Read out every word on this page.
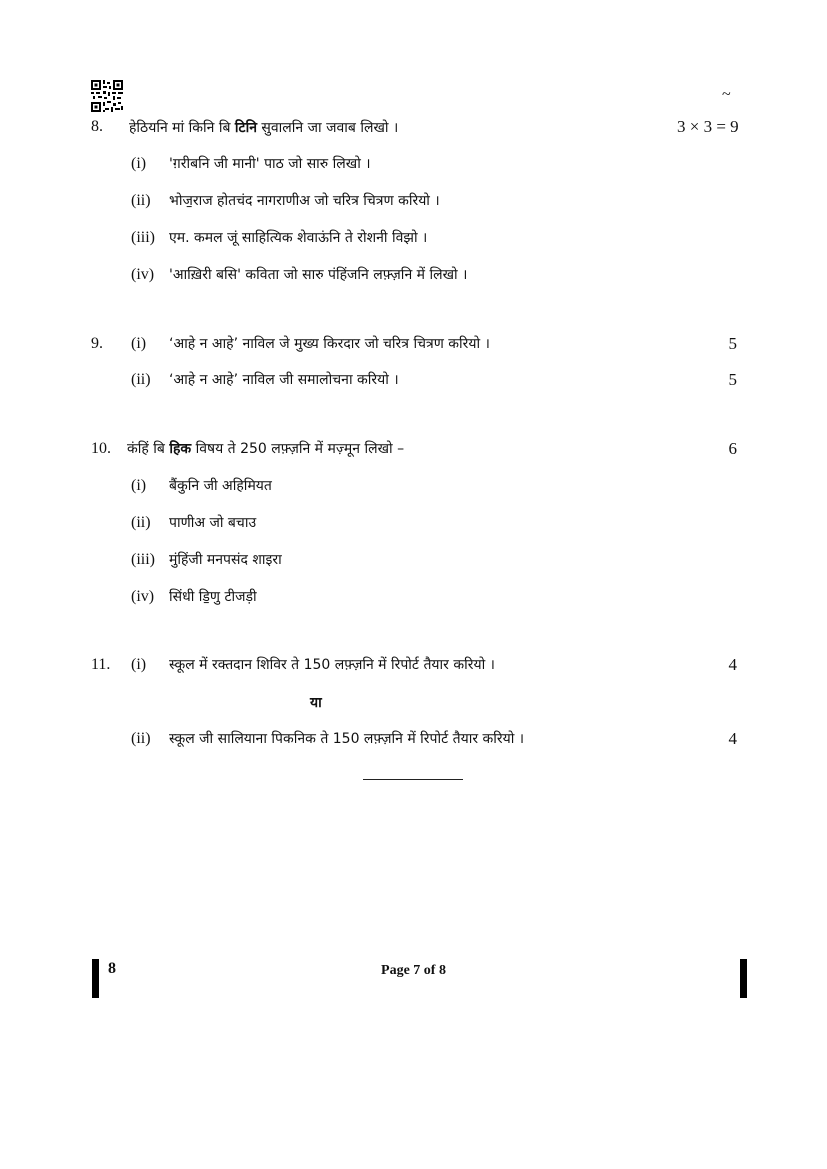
~
8. हेठियनि मां किनि बि टिनि सुवालनि जा जवाब लिखो ।	3 × 3 = 9
(i) 'ग़रीबनि जी मानी' पाठ जो सारु लिखो ।
(ii) भोज॒राज होतचंद नागराणीअ जो चरित्र चित्रण करियो ।
(iii) एम. कमल जूं साहित्यिक शेवाऊंनि ते रोशनी विझो ।
(iv) 'आख़िरी बसि' कविता जो सारु पंहिंजनि लफ़्ज़नि में लिखो ।
9. (i) ‘आहे न आहे’ नाविल जे मुख्य किरदार जो चरित्र चित्रण करियो ।	5
(ii) ‘आहे न आहे’ नाविल जी समालोचना करियो ।	5
10. कंहिं बि हिक विषय ते 250 लफ़्ज़नि में मज़्मून लिखो –	6
(i) बैंकुनि जी अहिमियत
(ii) पाणीअ जो बचाउ
(iii) मुंहिंजी मनपसंद शाइरा
(iv) सिंधी डि॒णु टीजड़ी
11. (i) स्कूल में रक्तदान शिविर ते 150 लफ़्ज़नि में रिपोर्ट तैयार करियो ।	4
या
(ii) स्कूल जी सालियाना पिकनिक ते 150 लफ़्ज़नि में रिपोर्ट तैयार करियो ।	4
8	Page 7 of 8
